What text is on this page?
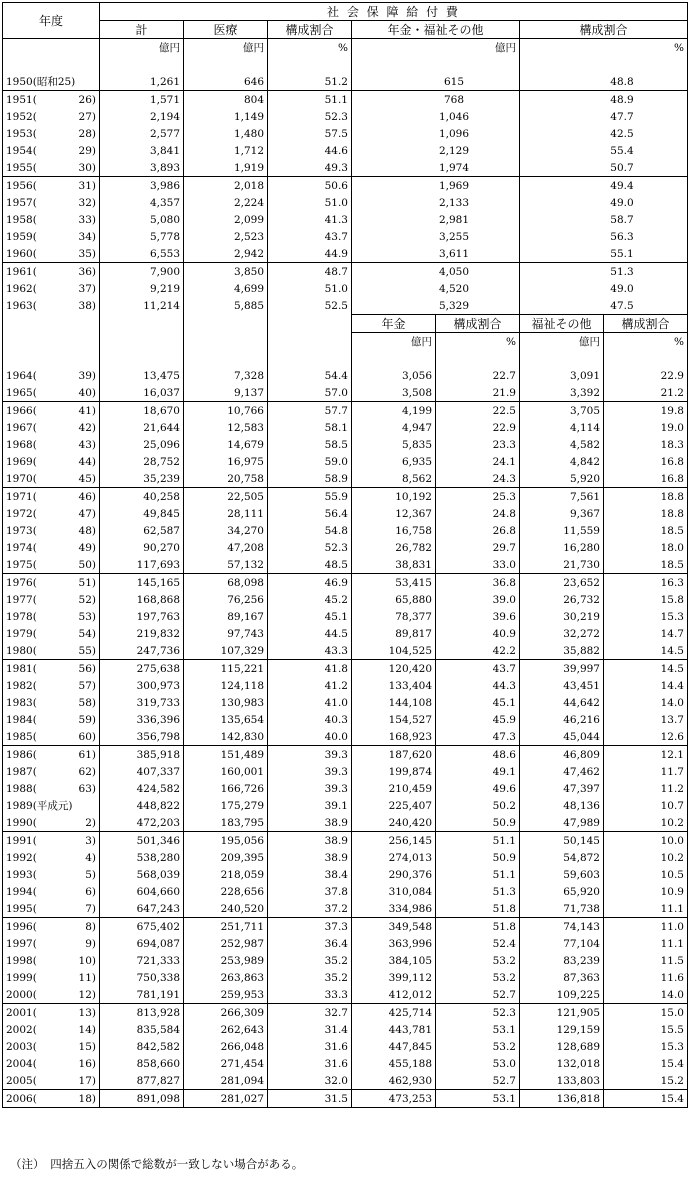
年度	社 会 保 障 給 付 費						
	計	医療	構成割合	年金・福祉その他		構成割合	
	億円	億円	%	億円		%	

1950(昭和25)	1,261	646	51.2	615		48.8	

1951( 26)	1,571	804	51.1	768		48.9	

1952( 27)	2,194	1,149	52.3	1,046		47.7	

1953( 28)	2,577	1,480	57.5	1,096		42.5	

1954( 29)	3,841	1,712	44.6	2,129		55.4	

1955( 30)	3,893	1,919	49.3	1,974		50.7	

1956( 31)	3,986	2,018	50.6	1,969		49.4	

1957( 32)	4,357	2,224	51.0	2,133		49.0	

1958( 33)	5,080	2,099	41.3	2,981		58.7	

1959( 34)	5,778	2,523	43.7	3,255		56.3	

1960( 35)	6,553	2,942	44.9	3,611		55.1	

1961( 36)	7,900	3,850	48.7	4,050		51.3	

1962( 37)	9,219	4,699	51.0	4,520		49.0	

1963( 38)	11,214	5,885	52.5	5,329		47.5	
				年金	構成割合	福祉その他	構成割合
				億円	%	億円	%

1964( 39)	13,475	7,328	54.4	3,056	22.7	3,091	22.9

1965( 40)	16,037	9,137	57.0	3,508	21.9	3,392	21.2

1966( 41)	18,670	10,766	57.7	4,199	22.5	3,705	19.8

1967( 42)	21,644	12,583	58.1	4,947	22.9	4,114	19.0

1968( 43)	25,096	14,679	58.5	5,835	23.3	4,582	18.3

1969( 44)	28,752	16,975	59.0	6,935	24.1	4,842	16.8

1970( 45)	35,239	20,758	58.9	8,562	24.3	5,920	16.8

1971( 46)	40,258	22,505	55.9	10,192	25.3	7,561	18.8

1972( 47)	49,845	28,111	56.4	12,367	24.8	9,367	18.8

1973( 48)	62,587	34,270	54.8	16,758	26.8	11,559	18.5

1974( 49)	90,270	47,208	52.3	26,782	29.7	16,280	18.0

1975( 50)	117,693	57,132	48.5	38,831	33.0	21,730	18.5

1976( 51)	145,165	68,098	46.9	53,415	36.8	23,652	16.3

1977( 52)	168,868	76,256	45.2	65,880	39.0	26,732	15.8

1978( 53)	197,763	89,167	45.1	78,377	39.6	30,219	15.3

1979( 54)	219,832	97,743	44.5	89,817	40.9	32,272	14.7

1980( 55)	247,736	107,329	43.3	104,525	42.2	35,882	14.5

1981( 56)	275,638	115,221	41.8	120,420	43.7	39,997	14.5

1982( 57)	300,973	124,118	41.2	133,404	44.3	43,451	14.4

1983( 58)	319,733	130,983	41.0	144,108	45.1	44,642	14.0

1984( 59)	336,396	135,654	40.3	154,527	45.9	46,216	13.7

1985( 60)	356,798	142,830	40.0	168,923	47.3	45,044	12.6

1986( 61)	385,918	151,489	39.3	187,620	48.6	46,809	12.1

1987( 62)	407,337	160,001	39.3	199,874	49.1	47,462	11.7

1988( 63)	424,582	166,726	39.3	210,459	49.6	47,397	11.2

1989(平成元)	448,822	175,279	39.1	225,407	50.2	48,136	10.7

1990( 2)	472,203	183,795	38.9	240,420	50.9	47,989	10.2

1991( 3)	501,346	195,056	38.9	256,145	51.1	50,145	10.0

1992( 4)	538,280	209,395	38.9	274,013	50.9	54,872	10.2

1993( 5)	568,039	218,059	38.4	290,376	51.1	59,603	10.5

1994( 6)	604,660	228,656	37.8	310,084	51.3	65,920	10.9

1995( 7)	647,243	240,520	37.2	334,986	51.8	71,738	11.1

1996( 8)	675,402	251,711	37.3	349,548	51.8	74,143	11.0

1997( 9)	694,087	252,987	36.4	363,996	52.4	77,104	11.1

1998( 10)	721,333	253,989	35.2	384,105	53.2	83,239	11.5

1999( 11)	750,338	263,863	35.2	399,112	53.2	87,363	11.6

2000( 12)	781,191	259,953	33.3	412,012	52.7	109,225	14.0

2001( 13)	813,928	266,309	32.7	425,714	52.3	121,905	15.0

2002( 14)	835,584	262,643	31.4	443,781	53.1	129,159	15.5

2003( 15)	842,582	266,048	31.6	447,845	53.2	128,689	15.3

2004( 16)	858,660	271,454	31.6	455,188	53.0	132,018	15.4

2005( 17)	877,827	281,094	32.0	462,930	52.7	133,803	15.2

2006( 18)	891,098	281,027	31.5	473,253	53.1	136,818	15.4
（注）　四捨五入の関係で総数が一致しない場合がある。
